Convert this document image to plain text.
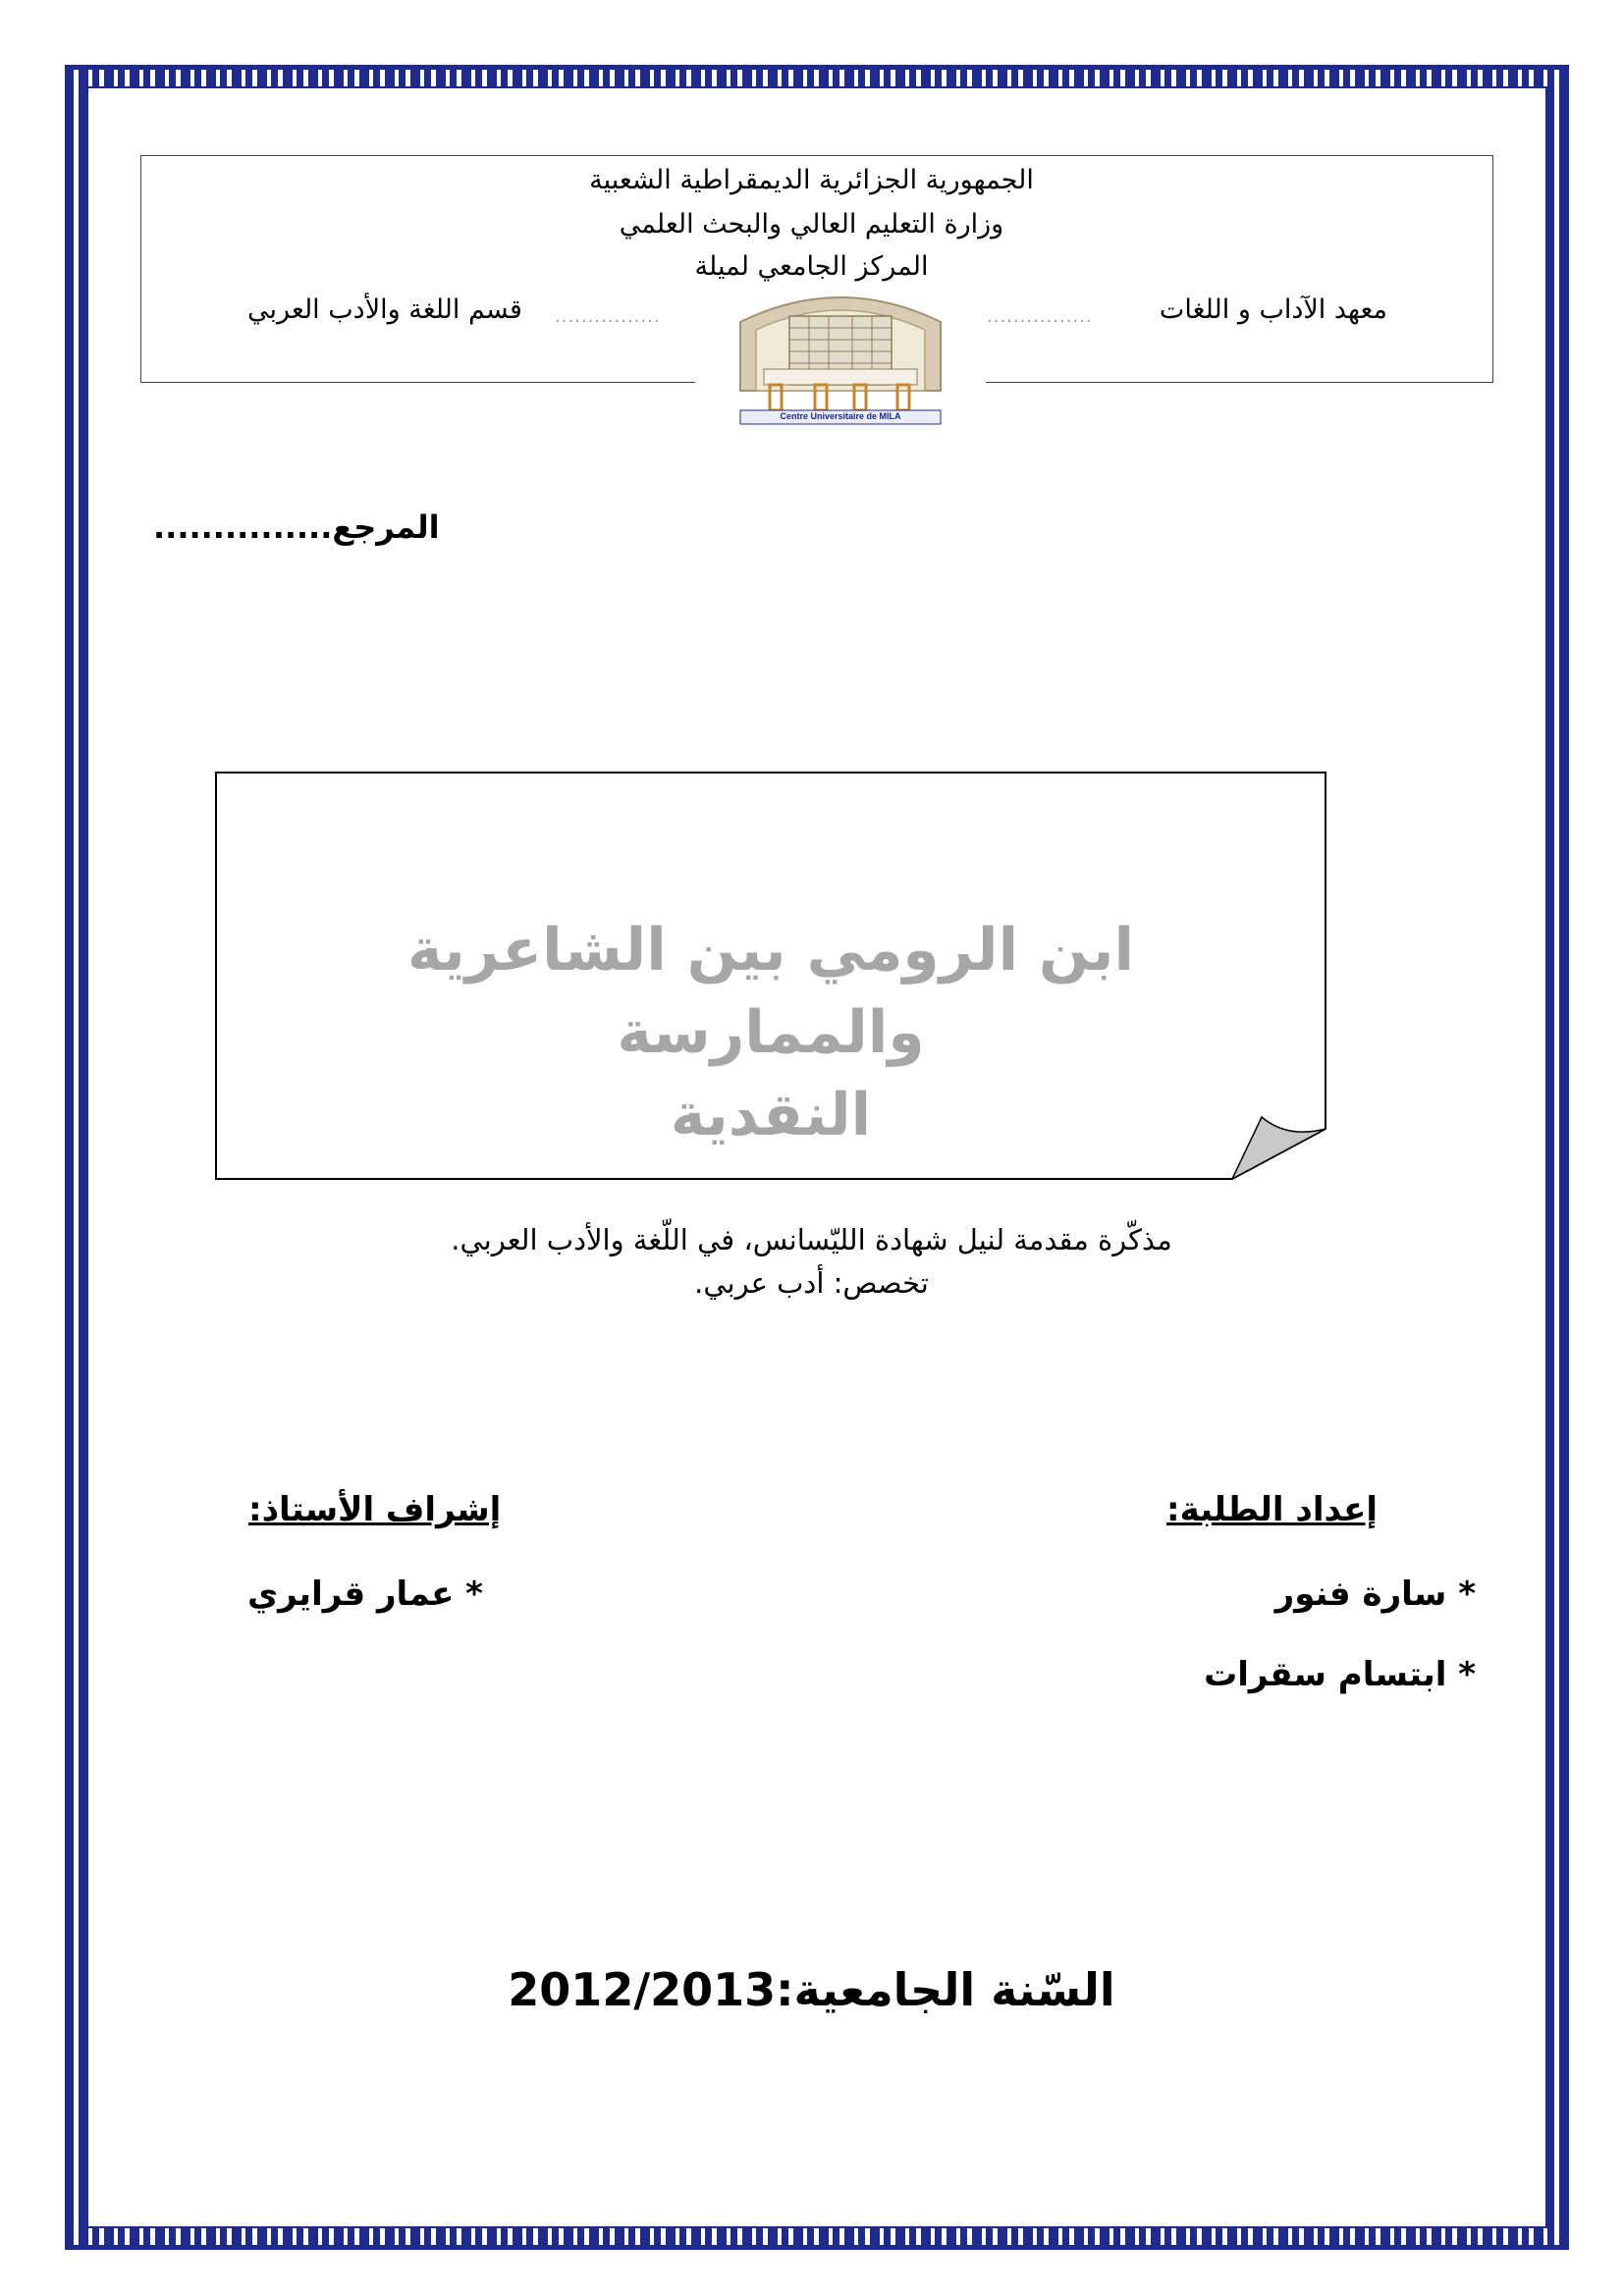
الجمهورية الجزائرية الديمقراطية الشعبية
وزارة التعليم العالي والبحث العلمي
المركز الجامعي لميلة
معهد الآداب و اللغات
................
قسم اللغة والأدب العربي ................
Centre Universitaire de MILA
المرجع...............
ابن الرومي بين الشاعرية والممارسة
النقدية
مذكّرة مقدمة لنيل شهادة الليّسانس، في اللّغة والأدب العربي.
تخصص: أدب عربي.
إعداد الطلبة:
* سارة فنور
* ابتسام سقرات
إشراف الأستاذ:
* عمار قرايري
السّنة الجامعية:2012/2013
